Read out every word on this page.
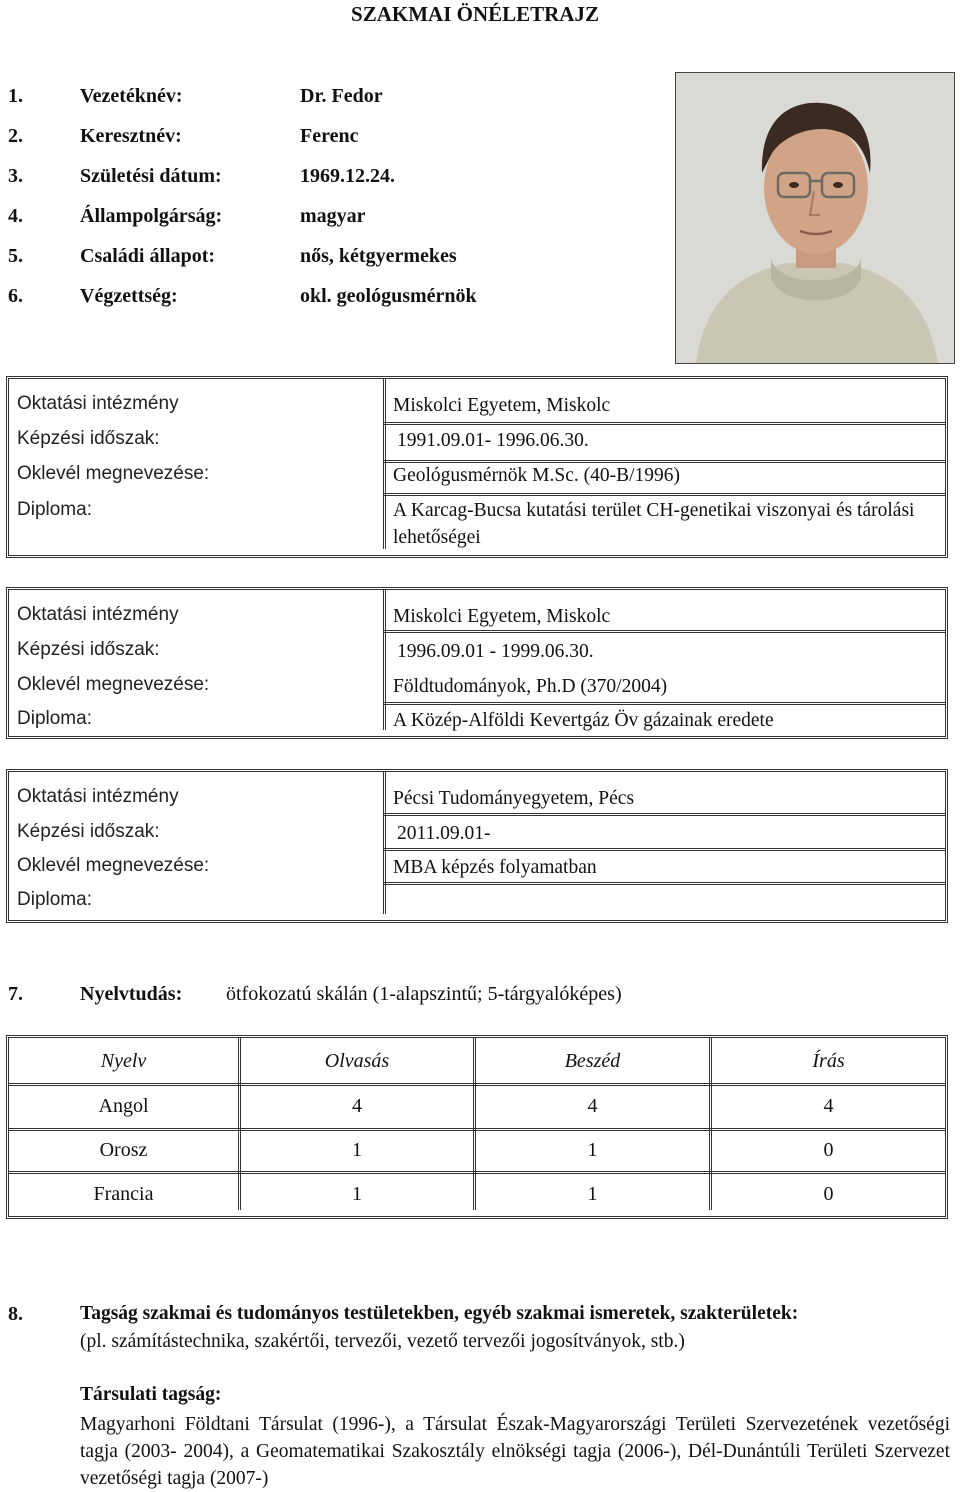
SZAKMAI ÖNÉLETRAJZ
1.	Vezetéknév:	Dr. Fedor
2.	Keresztnév:	Ferenc
3.	Születési dátum:	1969.12.24.
4.	Állampolgárság:	magyar
5.	Családi állapot:	nős, kétgyermekes
6.	Végzettség:	okl. geológusmérnök
Oktatási intézmény	Miskolci Egyetem, Miskolc
Képzési időszak:	1991.09.01- 1996.06.30.
Oklevél megnevezése:	Geológusmérnök M.Sc. (40-B/1996)
Diploma:	A Karcag-Bucsa kutatási terület CH-genetikai viszonyai és tárolási lehetőségei
Oktatási intézmény	Miskolci Egyetem, Miskolc
Képzési időszak:	1996.09.01 - 1999.06.30.
Oklevél megnevezése:	Földtudományok, Ph.D (370/2004)
Diploma:	A Közép-Alföldi Kevertgáz Öv gázainak eredete
Oktatási intézmény	Pécsi Tudományegyetem, Pécs
Képzési időszak:	2011.09.01-
Oklevél megnevezése:	MBA képzés folyamatban
Diploma:
7.	Nyelvtudás: ötfokozatú skálán (1-alapszintű; 5-tárgyalóképes)
Nyelv	Olvasás	Beszéd	Írás
Angol	4	4	4
Orosz	1	1	0
Francia	1	1	0
8.	Tagság szakmai és tudományos testületekben, egyéb szakmai ismeretek, szakterületek:
(pl. számítástechnika, szakértői, tervezői, vezető tervezői jogosítványok, stb.)
Társulati tagság:
Magyarhoni Földtani Társulat (1996-), a Társulat Észak-Magyarországi Területi Szervezetének vezetőségi tagja (2003- 2004), a Geomatematikai Szakosztály elnökségi tagja (2006-), Dél-Dunántúli Területi Szervezet vezetőségi tagja (2007-)
